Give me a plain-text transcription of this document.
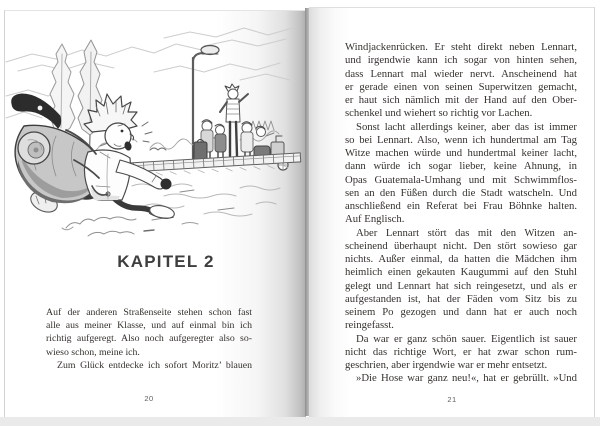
KAPITEL 2
Auf der anderen Straßenseite stehen schon fast
alle aus meiner Klasse, und auf einmal bin ich
richtig aufgeregt. Also noch aufgeregter also so-
wieso schon, meine ich.
Zum Glück entdecke ich sofort Moritz’ blauen
Windjackenrücken. Er steht direkt neben Lennart,
und irgendwie kann ich sogar von hinten sehen,
dass Lennart mal wieder nervt. Anscheinend hat
er gerade einen von seinen Superwitzen gemacht,
er haut sich nämlich mit der Hand auf den Ober-
schenkel und wiehert so richtig vor Lachen.
Sonst lacht allerdings keiner, aber das ist immer
so bei Lennart. Also, wenn ich hundertmal am Tag
Witze machen würde und hundertmal keiner lacht,
dann würde ich sogar lieber, keine Ahnung, in
Opas Guatemala-Umhang und mit Schwimmflos-
sen an den Füßen durch die Stadt watscheln. Und
anschließend ein Referat bei Frau Böhnke halten.
Auf Englisch.
Aber Lennart stört das mit den Witzen an-
scheinend überhaupt nicht. Den stört sowieso gar
nichts. Außer einmal, da hatten die Mädchen ihm
heimlich einen gekauten Kaugummi auf den Stuhl
gelegt und Lennart hat sich reingesetzt, und als er
aufgestanden ist, hat der Fäden vom Sitz bis zu
seinem Po gezogen und dann hat er auch noch
reingefasst.
Da war er ganz schön sauer. Eigentlich ist sauer
nicht das richtige Wort, er hat zwar schon rum-
geschrien, aber irgendwie war er mehr entsetzt.
»Die Hose war ganz neu!«, hat er gebrüllt. »Und
20	21
